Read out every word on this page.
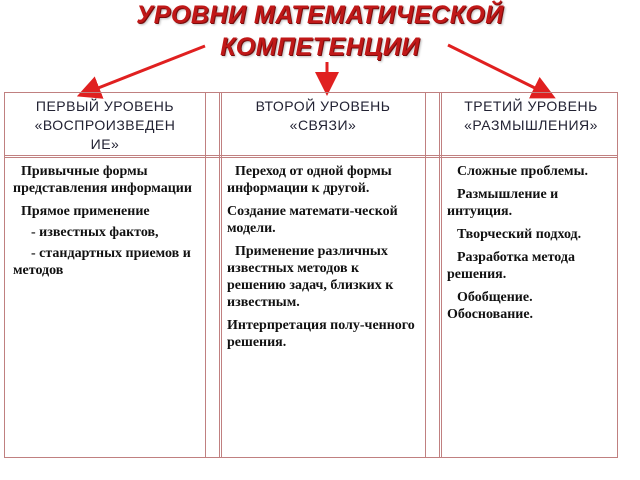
УРОВНИ МАТЕМАТИЧЕСКОЙ
КОМПЕТЕНЦИИ
ПЕРВЫЙ УРОВЕНЬ
«ВОСПРОИЗВЕДЕН
ИЕ»

Привычные формы представления информации

Прямое применение

- известных фактов,

- стандартных приемов и методов

ВТОРОЙ УРОВЕНЬ
«СВЯЗИ»

Переход от одной формы информации к другой.

Создание математи-ческой модели.

Применение различных известных методов к решению задач, близких к известным.

Интерпретация полу-ченного решения.

ТРЕТИЙ УРОВЕНЬ
«РАЗМЫШЛЕНИЯ»

Сложные проблемы.

Размышление и интуиция.

Творческий подход.

Разработка метода решения.

Обобщение. Обоснование.
